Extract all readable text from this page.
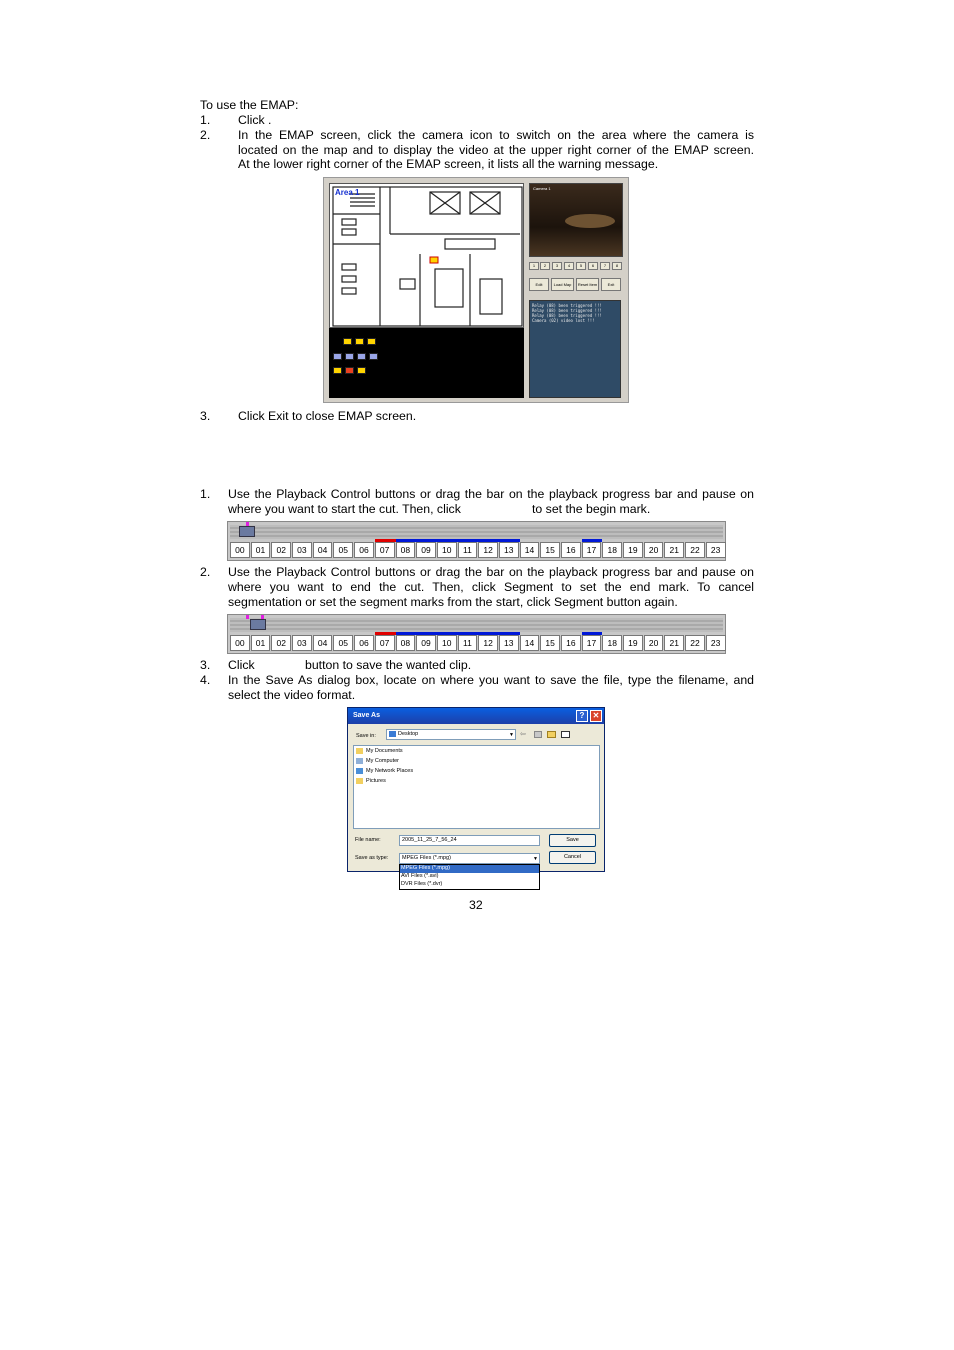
To use the EMAP:
1. Click .
2. In the EMAP screen, click the camera icon to switch on the area where the camera is
located on the map and to display the video at the upper right corner of the EMAP screen.
At the lower right corner of the EMAP screen, it lists all the warning message.
Area 1	Camera 1
1	2	3	4	5	6	7	8
Edit	Load Map	Reset Item	Exit
Relay (08) been triggered !!!
Relay (08) been triggered !!!
Relay (08) been triggered !!!
Camera (02) video lost !!!
3. Click Exit to close EMAP screen.
1. Use the Playback Control buttons or drag the bar on the playback progress bar and pause on
where you want to start the cut. Then, click	to set the begin mark.
00	01	02	03	04	05	06	07	08	09	10	11	12	13	14	15	16	17	18	19	20	21	22	23
2. Use the Playback Control buttons or drag the bar on the playback progress bar and pause on
where you want to end the cut. Then, click Segment to set the end mark. To cancel
segmentation or set the segment marks from the start, click Segment button again.
00	01	02	03	04	05	06	07	08	09	10	11	12	13	14	15	16	17	18	19	20	21	22	23
3. Click	button to save the wanted clip.
4. In the Save As dialog box, locate on where you want to save the file, type the filename, and
select the video format.
Save As	?	✕
Save in:	Desktop	▼ ⇦
My Documents
My Computer
My Network Places
Pictures
File name:	2005_11_25_7_56_24
Save as type:	MPEG Files (*.mpg)	▼
Save
Cancel
MPEG Files (*.mpg)
AVI Files (*.avi)
DVR Files (*.dvr)
32
